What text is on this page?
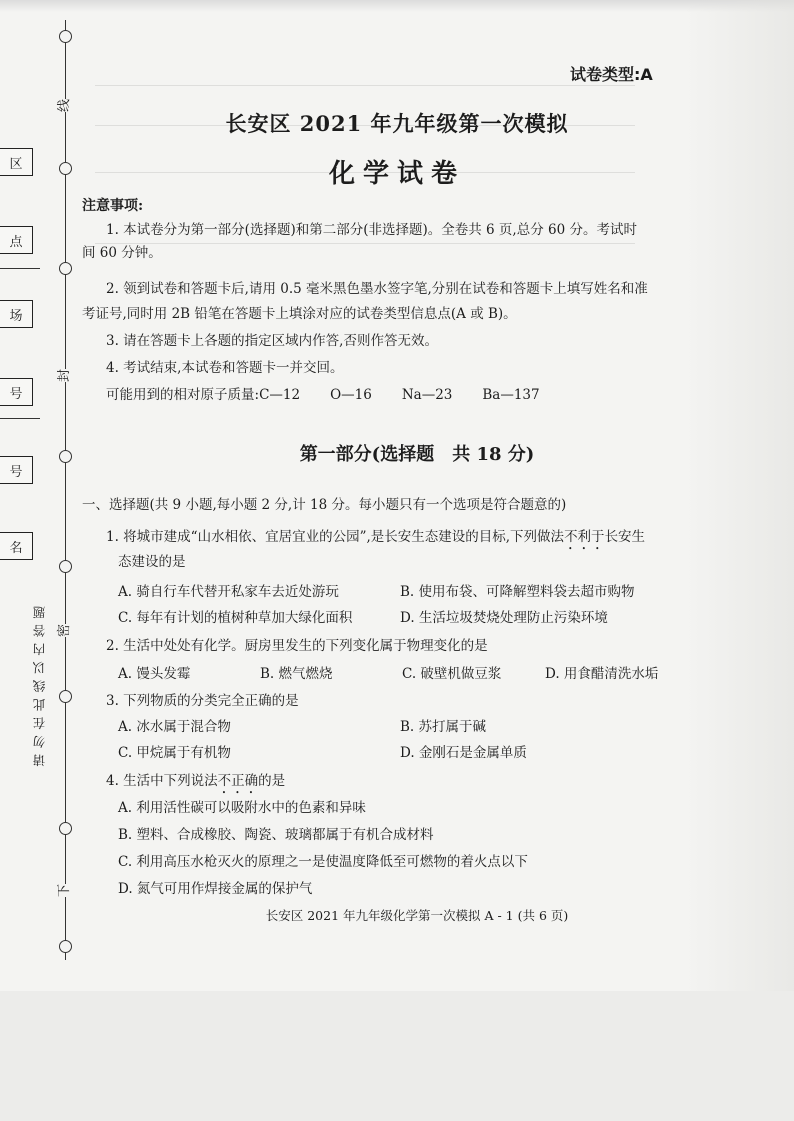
线
封
密
下
区
点
场
号
号
名
请 勿 在 此 线 以 内 答 题
试卷类型:A
长安区 2021 年九年级第一次模拟
化学试卷
注意事项:
1. 本试卷分为第一部分(选择题)和第二部分(非选择题)。全卷共 6 页,总分 60 分。考试时
间 60 分钟。
2. 领到试卷和答题卡后,请用 0.5 毫米黑色墨水签字笔,分别在试卷和答题卡上填写姓名和准
考证号,同时用 2B 铅笔在答题卡上填涂对应的试卷类型信息点(A 或 B)。
3. 请在答题卡上各题的指定区域内作答,否则作答无效。
4. 考试结束,本试卷和答题卡一并交回。
可能用到的相对原子质量:C—12 O—16 Na—23 Ba—137
第一部分(选择题　共 18 分)
一、选择题(共 9 小题,每小题 2 分,计 18 分。每小题只有一个选项是符合题意的)
1. 将城市建成“山水相依、宜居宜业的公园”,是长安生态建设的目标,下列做法不利于长安生
态建设的是
A. 骑自行车代替开私家车去近处游玩	B. 使用布袋、可降解塑料袋去超市购物
C. 每年有计划的植树种草加大绿化面积	D. 生活垃圾焚烧处理防止污染环境
2. 生活中处处有化学。厨房里发生的下列变化属于物理变化的是
A. 馒头发霉	B. 燃气燃烧	C. 破壁机做豆浆	D. 用食醋清洗水垢
3. 下列物质的分类完全正确的是
A. 冰水属于混合物	B. 苏打属于碱
C. 甲烷属于有机物	D. 金刚石是金属单质
4. 生活中下列说法不正确的是
A. 利用活性碳可以吸附水中的色素和异味
B. 塑料、合成橡胶、陶瓷、玻璃都属于有机合成材料
C. 利用高压水枪灭火的原理之一是使温度降低至可燃物的着火点以下
D. 氮气可用作焊接金属的保护气
长安区 2021 年九年级化学第一次模拟 A - 1 (共 6 页)
